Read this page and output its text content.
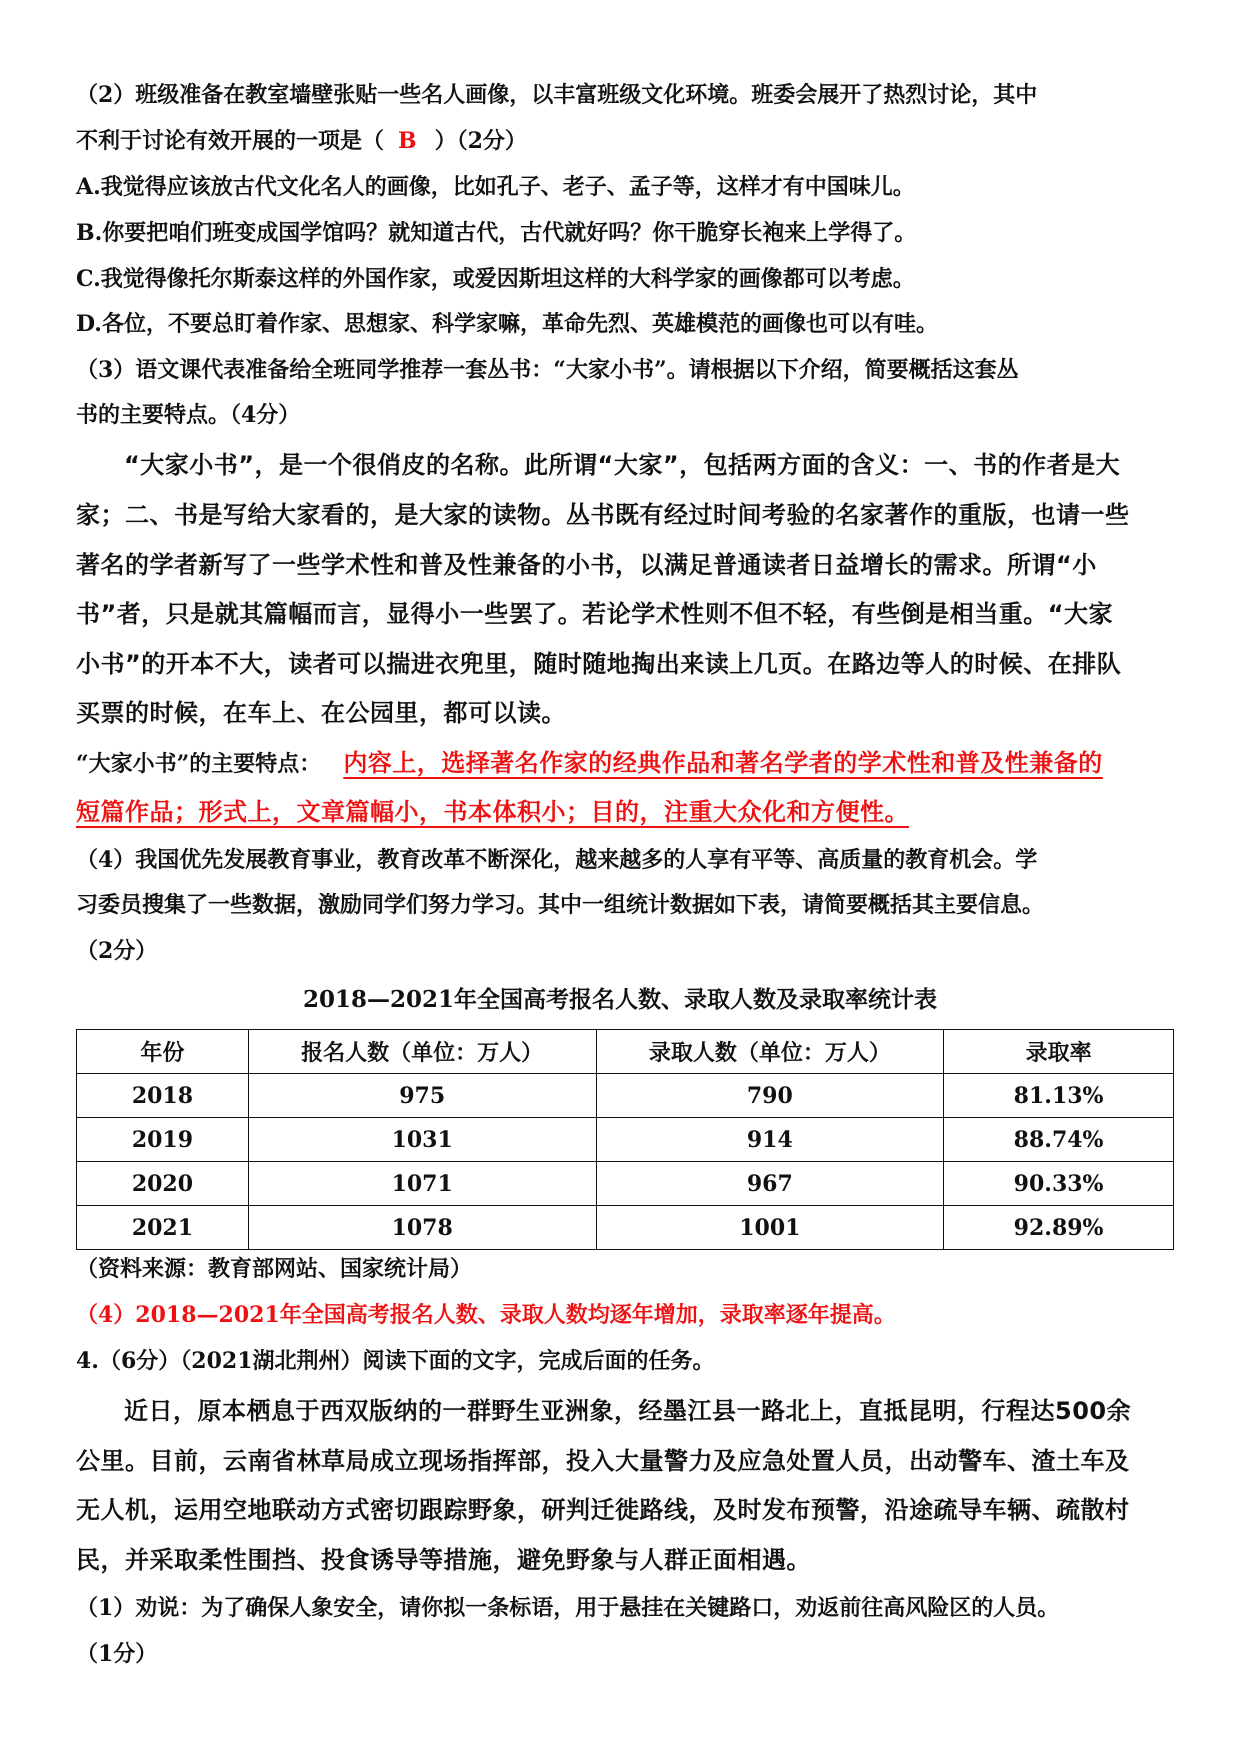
（2）班级准备在教室墙壁张贴一些名人画像，以丰富班级文化环境。班委会展开了热烈讨论，其中
不利于讨论有效开展的一项是（ B ）（2分）
A.我觉得应该放古代文化名人的画像，比如孔子、老子、孟子等，这样才有中国味儿。
B.你要把咱们班变成国学馆吗？就知道古代，古代就好吗？你干脆穿长袍来上学得了。
C.我觉得像托尔斯泰这样的外国作家，或爱因斯坦这样的大科学家的画像都可以考虑。
D.各位，不要总盯着作家、思想家、科学家嘛，革命先烈、英雄模范的画像也可以有哇。
（3）语文课代表准备给全班同学推荐一套丛书：“大家小书”。请根据以下介绍，简要概括这套丛
书的主要特点。（4分）
“大家小书”，是一个很俏皮的名称。此所谓“大家”，包括两方面的含义：一、书的作者是大
家；二、书是写给大家看的，是大家的读物。丛书既有经过时间考验的名家著作的重版，也请一些
著名的学者新写了一些学术性和普及性兼备的小书，以满足普通读者日益增长的需求。所谓“小
书”者，只是就其篇幅而言，显得小一些罢了。若论学术性则不但不轻，有些倒是相当重。“大家
小书”的开本不大，读者可以揣进衣兜里，随时随地掏出来读上几页。在路边等人的时候、在排队
买票的时候，在车上、在公园里，都可以读。
“大家小书”的主要特点： 内容上，选择著名作家的经典作品和著名学者的学术性和普及性兼备的
短篇作品；形式上，文章篇幅小，书本体积小；目的，注重大众化和方便性。
（4）我国优先发展教育事业，教育改革不断深化，越来越多的人享有平等、高质量的教育机会。学
习委员搜集了一些数据，激励同学们努力学习。其中一组统计数据如下表，请简要概括其主要信息。
（2分）
2018—2021年全国高考报名人数、录取人数及录取率统计表
年份	报名人数（单位：万人）	录取人数（单位：万人）	录取率
2018	975	790	81.13%
2019	1031	914	88.74%
2020	1071	967	90.33%
2021	1078	1001	92.89%
（资料来源：教育部网站、国家统计局）
（4）2018—2021年全国高考报名人数、录取人数均逐年增加，录取率逐年提高。
4.（6分）（2021湖北荆州）阅读下面的文字，完成后面的任务。
近日，原本栖息于西双版纳的一群野生亚洲象，经墨江县一路北上，直抵昆明，行程达500余
公里。目前，云南省林草局成立现场指挥部，投入大量警力及应急处置人员，出动警车、渣土车及
无人机，运用空地联动方式密切跟踪野象，研判迁徙路线，及时发布预警，沿途疏导车辆、疏散村
民，并采取柔性围挡、投食诱导等措施，避免野象与人群正面相遇。
（1）劝说：为了确保人象安全，请你拟一条标语，用于悬挂在关键路口，劝返前往高风险区的人员。
（1分）
